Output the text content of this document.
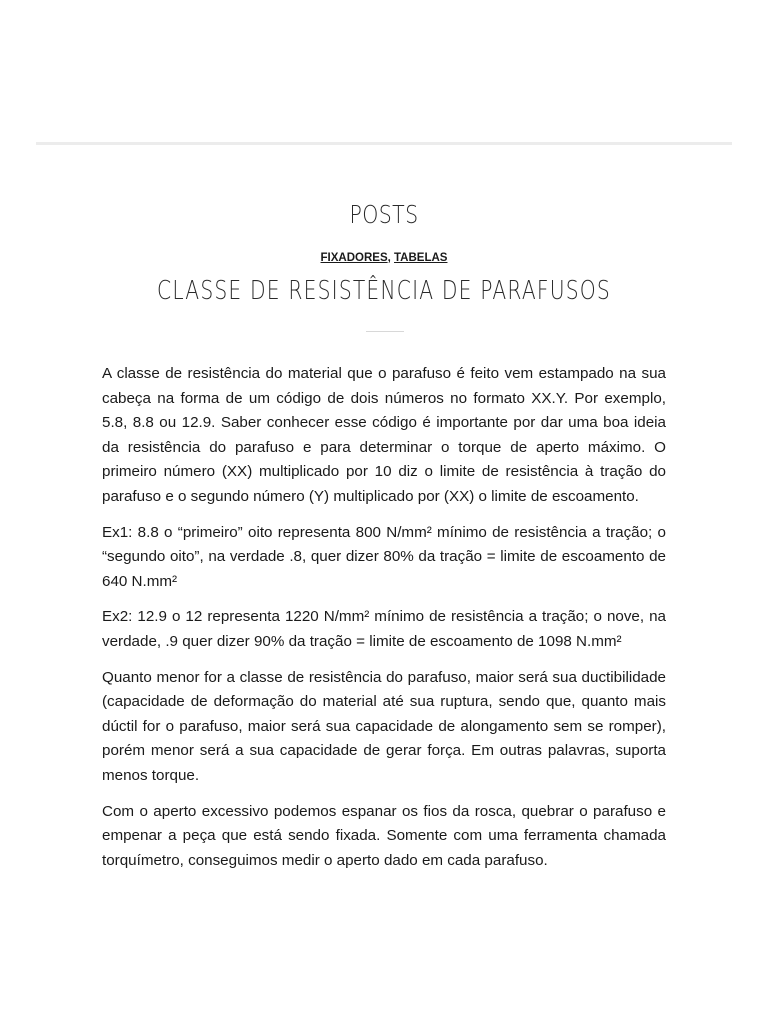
POSTS
FIXADORES, TABELAS
CLASSE DE RESISTÊNCIA DE PARAFUSOS

A classe de resistência do material que o parafuso é feito vem estampado na sua cabeça na forma de um código de dois números no formato XX.Y. Por exemplo, 5.8, 8.8 ou 12.9. Saber conhecer esse código é importante por dar uma boa ideia da resistência do parafuso e para determinar o torque de aperto máximo. O primeiro número (XX) multiplicado por 10 diz o limite de resistência à tração do parafuso e o segundo número (Y) multiplicado por (XX) o limite de escoamento.

Ex1: 8.8 o “primeiro” oito representa 800 N/mm² mínimo de resistência a tração; o “segundo oito”, na verdade .8, quer dizer 80% da tração = limite de escoamento de 640 N.mm²

Ex2: 12.9 o 12 representa 1220 N/mm² mínimo de resistência a tração; o nove, na verdade, .9 quer dizer 90% da tração = limite de escoamento de 1098 N.mm²

Quanto menor for a classe de resistência do parafuso, maior será sua ductibilidade (capacidade de deformação do material até sua ruptura, sendo que, quanto mais dúctil for o parafuso, maior será sua capacidade de alongamento sem se romper), porém menor será a sua capacidade de gerar força. Em outras palavras, suporta menos torque.

Com o aperto excessivo podemos espanar os fios da rosca, quebrar o parafuso e empenar a peça que está sendo fixada. Somente com uma ferramenta chamada torquímetro, conseguimos medir o aperto dado em cada parafuso.
